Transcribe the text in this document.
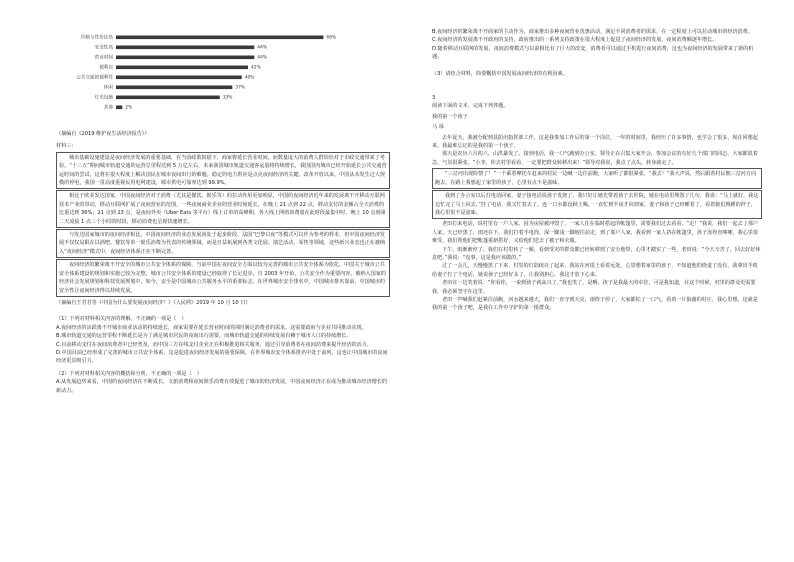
价格与性价比高	66%
安全性高	44%
营业时间	44%
便利店	42%
公共交通的便利性	40%
休闲	37%
灯光设施	33%
其他	2%

（摘编自《2019 维护夜生活经济报告》）

材料三：

城市基础设施建设是夜间经济发展的重要基础，在当前政策鼓励下，商家将延长营业时间，而数量庞大的消费人群恰恰对于市政交通带来了考验。“十三五”期间城市轨道交通的运营总里程达到 5 万亿左右，未来我国城市轨道交通客运量将持续增长，我国国内城市已经开始延长公共交通营运时间的尝试，这将在很大程度上解决国民在城市夜间出行的难题。稳定的电力供应是点亮夜间经济的关键。改革开放以来，中国从未发生过大规模的停电，我国一贯高度重视民用电网建设，城市供电可靠率达到 99.9%。

相比于欧美发达国家，中国夜间经济对于消费（尤其是餐饮、娱乐等）的拉动作用更加明显，中国的夜间经济近年来的发展离不开移动互联网技术产业的带动，移动互联网扩展了夜间营业的范围，一些夜间商业企业的营业时间延长，在晚上 21 点到 22 点，移动支付的金额占全天消费的比重达到 36%；21 点到 23 点，是夜间外卖（Uber Eats 等平台）线上订单的高峰期，各大线上网络消费量在此时段最集中时，晚上 10 点到第二天凌晨 1 点三个小时的时段，移动消费也呈现快速增长。

与发达国家城市的夜间经济相比，中国夜间经济的业态发展尚处于起步阶段。法国“巴黎白夜”等模式可以作为参考的样本，但中国夜间经济发展不仅仅局限在以酒吧、餐饮等单一娱乐消费为代表的传统领域，而是日益拓展到各类文化展、演艺活动、零售等领域，这些新兴业态也正在被纳入“夜间经济”模式中，夜间经济体系正在不断完善。

夜间经济的繁荣离不开安全的城市公共安全体系的保障。当前中国在夜间安全方面以较为完善的城市公共安全体系为依托，中国关于城市公共安全体系建设的规划和实施已较为完整，城市公共安全体系的建设已经取得了长足进步，自 2003 年开始，公共安全作为重要内容，被纳入国家的经济社会发展规划和科技发展规划中。如今，安全是中国城市公共服务水平的重要标志，在世界城市安全排名中，中国城市排名靠前，中国城市的安全性让夜间经济得以持续发展。

（摘编自王君君等《中国为什么要发展夜间经济？》《人民网》2019 年 10 月 10 日）

（1）下列对材料相关内容的理解，不正确的一项是（　）

A.夜间经济的活跃离不开城市商业活动的持续延长，商家需要在延长营业时间的同时满足消费者的需求，这需要政府与企业共同推动实现。

B.城市轨道交通的运营里程不断延长是为了满足城市居民的夜间出行需要，而城市轨道交通的持续发展有赖于城市人口的持续增长。

C.目前移动支付在夜间消费者中已经普及，而中国三方在线支付企业正在积极推进相关服务，通过引导消费者在夜间消费来提升经济的活力。

D.中国目前已经形成了完善的城市公共安全体系，这是促进夜间经济发展的重要保障，在世界城市安全体系排名中处于前列，这也让中国城市的夜间经济更具吸引力。

（2）下列对材料相关内容的概括和分析，不正确的一项是（　）

A.从发展趋势来看，中国的夜间经济在不断成长，文旅消费和夜间娱乐消费有效促进了城市的经济发展，中国夜间经济正在成为推动城市经济增长的新动力。

B.夜间经济的繁荣离不开商家的主动作为，商家推出多种夜间营业优惠活动，满足不同消费者的需求，在一定程度上可以拉动城市的经济消费。

C.夜间经济的发展离不开政府的支持，政府推出的一系列支持政策在很大程度上促进了夜间经济的发展，夜间消费额逐年增长。

D.随着移动互联网的发展，夜间消费模式与以前相比有了巨大的改变，消费者可以通过手机进行夜间消费，这也为夜间经济的发展带来了新的机遇。

（3）请结合材料，简要概括中国发展夜间经济的有利因素。

3

阅读下面的文本，完成下列各题。

我的第一个孩子

马 禄

去年夏天，我被分配到县防汛指挥部工作，这是我参加工作后的第一个岗位，一年的时间里，我经历了许多事情，也学会了很多，现在回想起来，我最难忘记的是我的第一个孩子。

那天是农历六月初六，山洪暴发了。接到电话，我一口气跑到办公室，领导正在召集大家开会，参加会议的有好几个部门的同志，大家都很着急，气氛很紧张。“小李，你去村里看看，一定要把群众转移出来！”领导对我说，我点了点头，转身就走了。

“三岔河出现险情了！”一个乘着摩托车赶来的村民一边喊一边往前跑，大家听了都很紧张，“我去！”我大声说，然后跟着村民朝三岔河方向跑去，在路上我想起了家里的孩子，心里有点不是滋味。

我到了办公室以后打电话回家，妻子接电话说孩子发烧了，我只好让她先带着孩子去医院，她在电话里埋怨了几句，我说：“马上就好，我这边忙完了马上回去。”挂了电话，我又忙着去了，连一口水都没顾上喝，一直忙到半夜才回到家，妻子和孩子已经睡着了，看着她们熟睡的样子，我心里很不是滋味。

老田打来电话，说村里有一户人家，因为房屋被冲毁了，一家人住在临时搭起的帐篷里，需要我们过去看看，“走！”我说，我们一起去了那户人家，天已经黑了，雨还在下，我们打着手电筒，深一脚浅一脚地往前走，到了那户人家，我看到一家人挤在帐篷里，孩子冻得直哆嗦，我心里很难受，我们帮他们把帐篷重新搭好，又给他们送去了被子和衣服。

下午，雨渐渐停了，我们在村里转了一圈，看到受灾的群众都已经转移到了安全地带，心里才踏实了一些，老田说：“今天辛苦了，回去好好休息吧。”我说：“没事，这是我应该做的。”

过了一会儿，天慢慢黑了下来，村里的灯陆续亮了起来，我站在河堤上看着远处，心里想着家里的孩子，不知道他的烧退了没有，我拿出手机给妻子打了个电话，她说孩子已经好多了，让我别担心，我这才放下心来。

老田在一边笑着说：“你看你，一说到孩子就高兴了。”我也笑了，是啊，孩子是我最大的牵挂，可是我知道，在这个时候，村里的群众更需要我，我必须坚守在这里。

老田一声喊我们赶紧往前跑，河水越来越大，我们一直守到天亮，雨终于停了，大家都松了一口气，看着一片狼藉的村庄，我心里想，这就是我的第一个孩子吧，是我在工作中守护的第一批群众。
